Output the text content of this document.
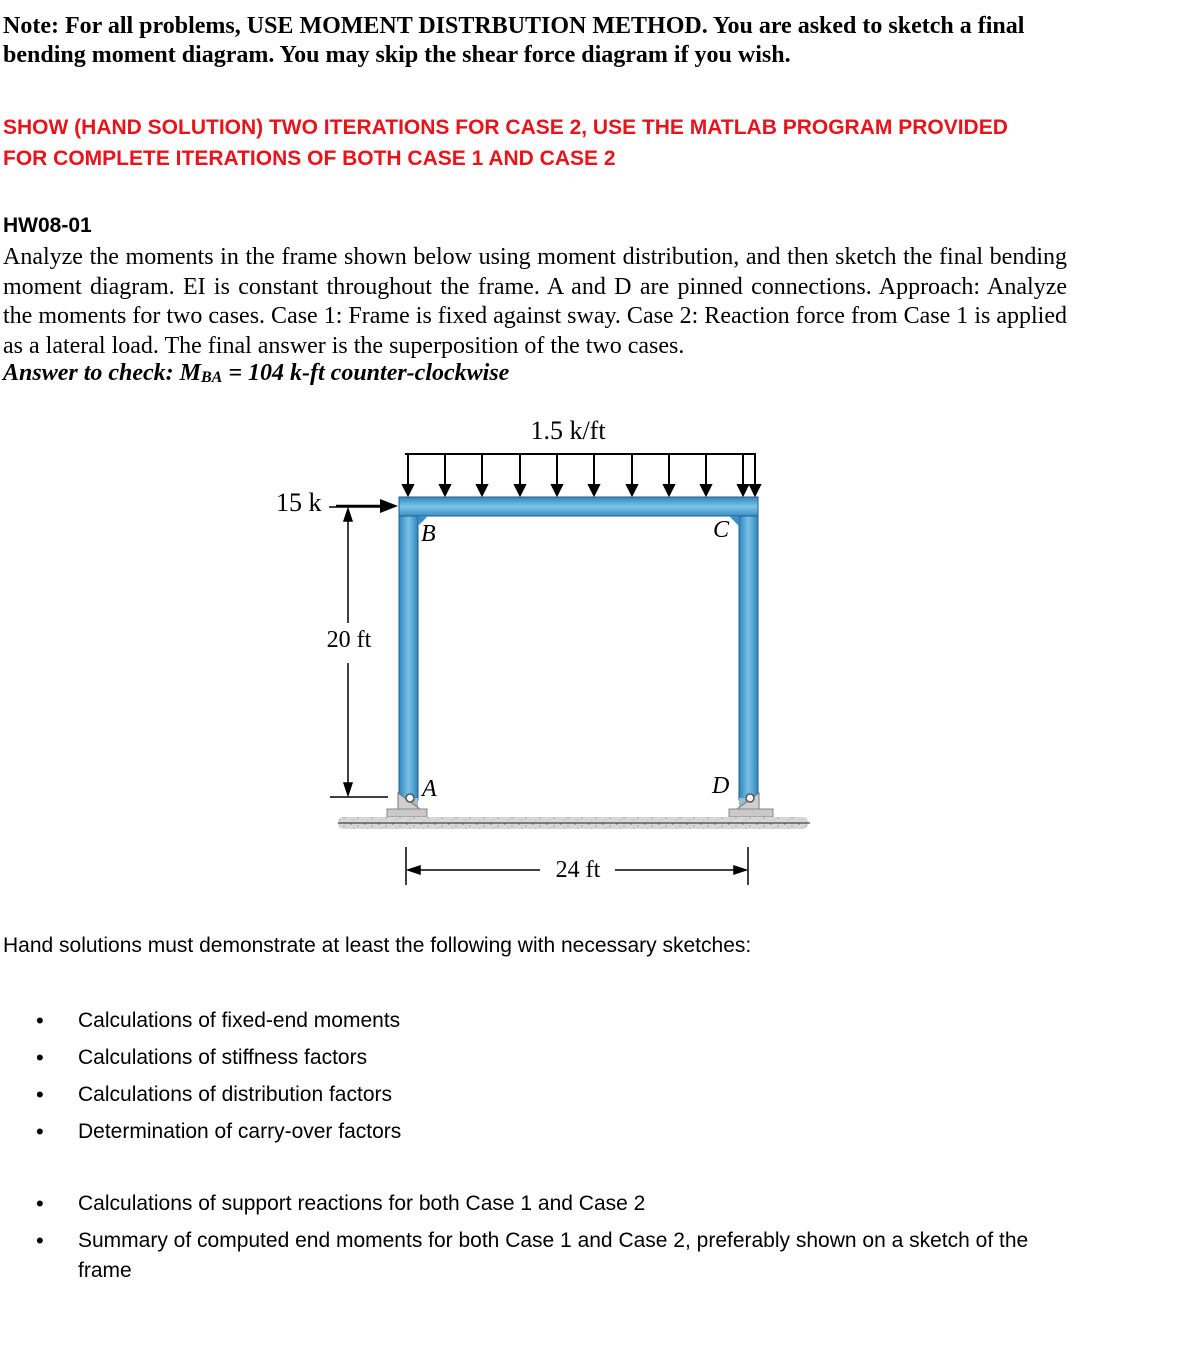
Note: For all problems, USE MOMENT DISTRBUTION METHOD. You are asked to sketch a final bending moment diagram. You may skip the shear force diagram if you wish.
SHOW (HAND SOLUTION) TWO ITERATIONS FOR CASE 2, USE THE MATLAB PROGRAM PROVIDED
FOR COMPLETE ITERATIONS OF BOTH CASE 1 AND CASE 2
HW08-01
Analyze the moments in the frame shown below using moment distribution, and then sketch the final bending moment diagram. EI is constant throughout the frame. A and D are pinned connections. Approach: Analyze the moments for two cases. Case 1: Frame is fixed against sway. Case 2: Reaction force from Case 1 is applied as a lateral load. The final answer is the superposition of the two cases.
Answer to check: $M_{BA} = 104$ k-ft counter-clockwise
1.5 k/ft
15 k
B	C
A	D
20 ft
24 ft
Hand solutions must demonstrate at least the following with necessary sketches:
• Calculations of fixed-end moments
• Calculations of stiffness factors
• Calculations of distribution factors
• Determination of carry-over factors
• Calculations of support reactions for both Case 1 and Case 2
• Summary of computed end moments for both Case 1 and Case 2, preferably shown on a sketch of the frame
